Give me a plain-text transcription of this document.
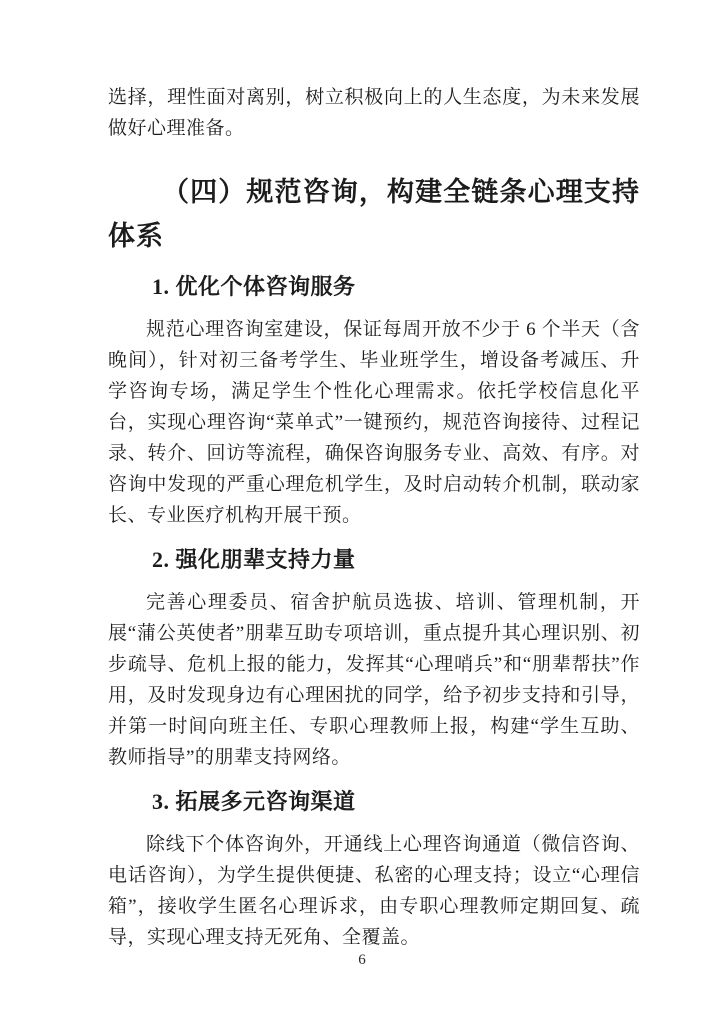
选择，理性面对离别，树立积极向上的人生态度，为未来发展做好心理准备。

（四）规范咨询，构建全链条心理支持体系
1. 优化个体咨询服务

规范心理咨询室建设，保证每周开放不少于 6 个半天（含晚间），针对初三备考学生、毕业班学生，增设备考减压、升学咨询专场，满足学生个性化心理需求。依托学校信息化平台，实现心理咨询“菜单式”一键预约，规范咨询接待、过程记录、转介、回访等流程，确保咨询服务专业、高效、有序。对咨询中发现的严重心理危机学生，及时启动转介机制，联动家长、专业医疗机构开展干预。

2. 强化朋辈支持力量

完善心理委员、宿舍护航员选拔、培训、管理机制，开展“蒲公英使者”朋辈互助专项培训，重点提升其心理识别、初步疏导、危机上报的能力，发挥其“心理哨兵”和“朋辈帮扶”作用，及时发现身边有心理困扰的同学，给予初步支持和引导，并第一时间向班主任、专职心理教师上报，构建“学生互助、教师指导”的朋辈支持网络。

3. 拓展多元咨询渠道

除线下个体咨询外，开通线上心理咨询通道（微信咨询、电话咨询），为学生提供便捷、私密的心理支持；设立“心理信箱”，接收学生匿名心理诉求，由专职心理教师定期回复、疏导，实现心理支持无死角、全覆盖。

6
